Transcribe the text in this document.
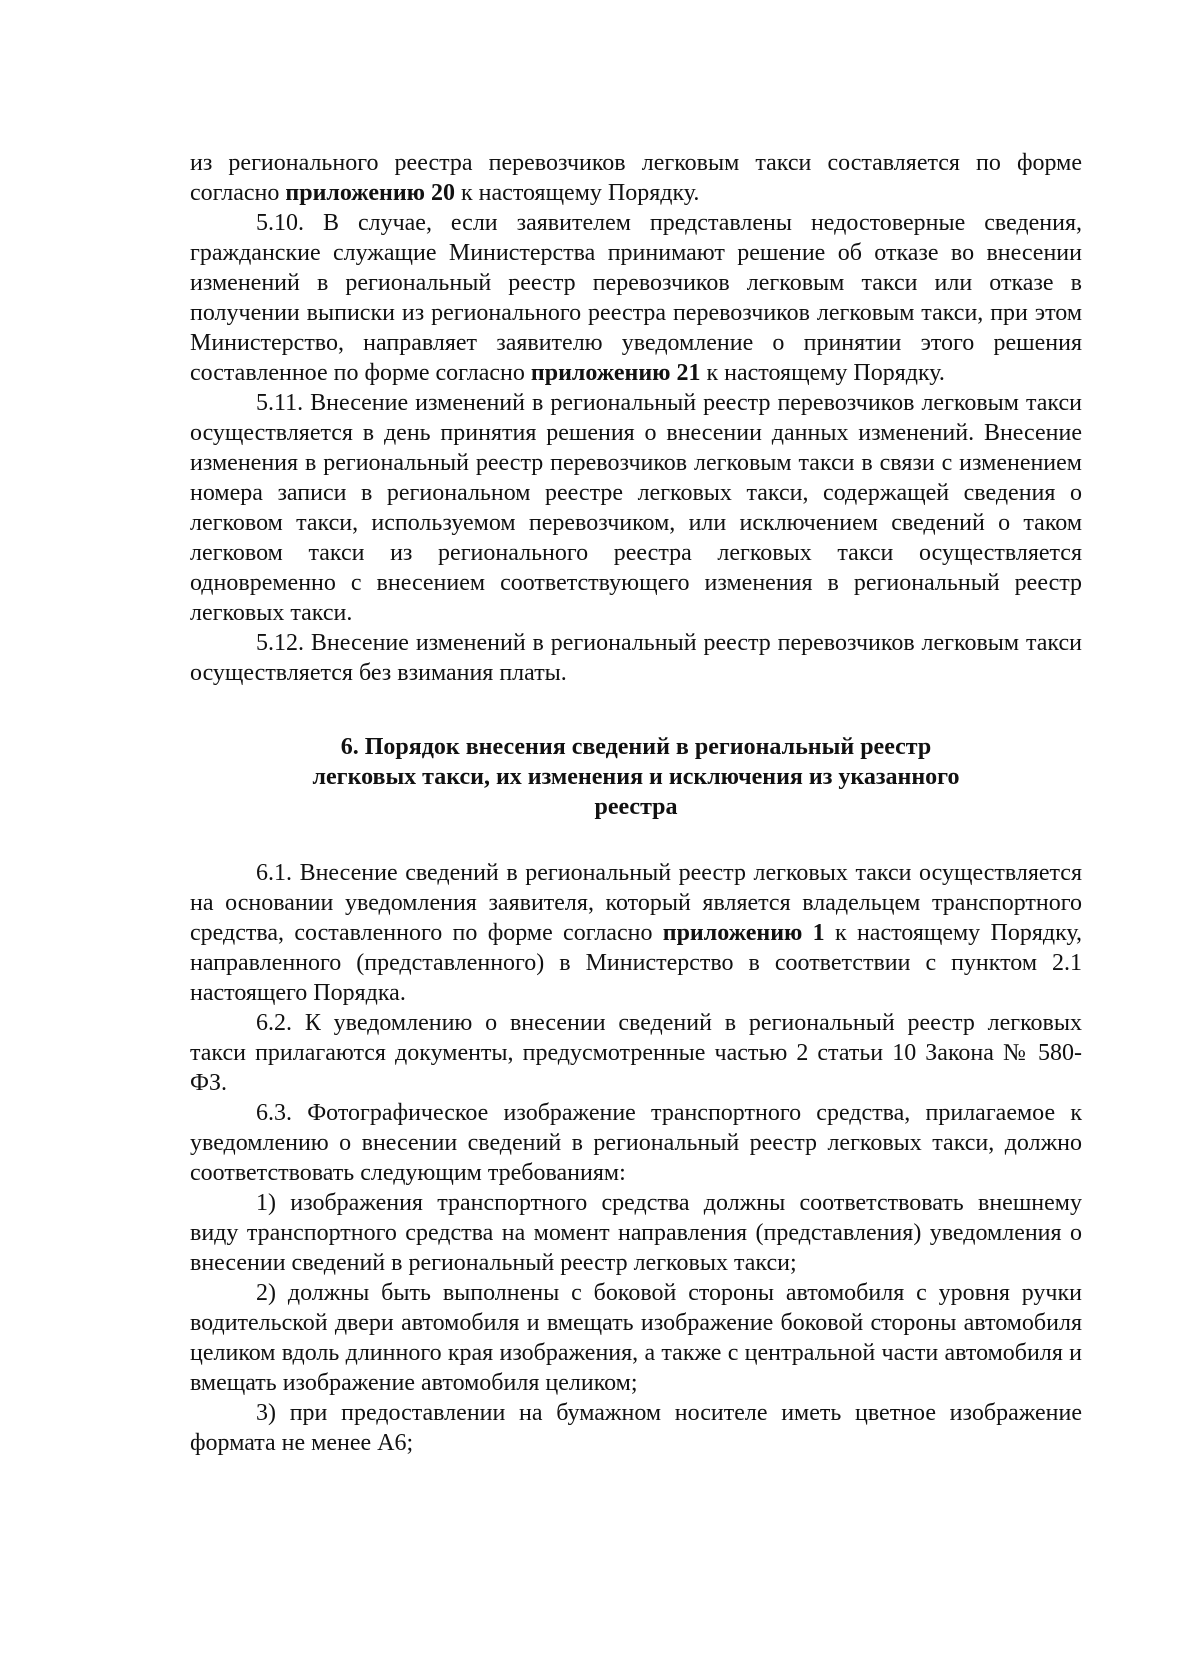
из регионального реестра перевозчиков легковым такси составляется по форме согласно приложению 20 к настоящему Порядку.

5.10. В случае, если заявителем представлены недостоверные сведения, гражданские служащие Министерства принимают решение об отказе во внесении изменений в региональный реестр перевозчиков легковым такси или отказе в получении выписки из регионального реестра перевозчиков легковым такси, при этом Министерство, направляет заявителю уведомление о принятии этого решения составленное по форме согласно приложению 21 к настоящему Порядку.

5.11. Внесение изменений в региональный реестр перевозчиков легковым такси осуществляется в день принятия решения о внесении данных изменений. Внесение изменения в региональный реестр перевозчиков легковым такси в связи с изменением номера записи в региональном реестре легковых такси, содержащей сведения о легковом такси, используемом перевозчиком, или исключением сведений о таком легковом такси из регионального реестра легковых такси осуществляется одновременно с внесением соответствующего изменения в региональный реестр легковых такси.

5.12. Внесение изменений в региональный реестр перевозчиков легковым такси осуществляется без взимания платы.

6. Порядок внесения сведений в региональный реестр
легковых такси, их изменения и исключения из указанного
реестра

6.1. Внесение сведений в региональный реестр легковых такси осуществляется на основании уведомления заявителя, который является владельцем транспортного средства, составленного по форме согласно приложению 1 к настоящему Порядку, направленного (представленного) в Министерство в соответствии с пунктом 2.1 настоящего Порядка.

6.2. К уведомлению о внесении сведений в региональный реестр легковых такси прилагаются документы, предусмотренные частью 2 статьи 10 Закона № 580-ФЗ.

6.3. Фотографическое изображение транспортного средства, прилагаемое к уведомлению о внесении сведений в региональный реестр легковых такси, должно соответствовать следующим требованиям:

1) изображения транспортного средства должны соответствовать внешнему виду транспортного средства на момент направления (представления) уведомления о внесении сведений в региональный реестр легковых такси;

2) должны быть выполнены с боковой стороны автомобиля с уровня ручки водительской двери автомобиля и вмещать изображение боковой стороны автомобиля целиком вдоль длинного края изображения, а также с центральной части автомобиля и вмещать изображение автомобиля целиком;

3) при предоставлении на бумажном носителе иметь цветное изображение формата не менее А6;
